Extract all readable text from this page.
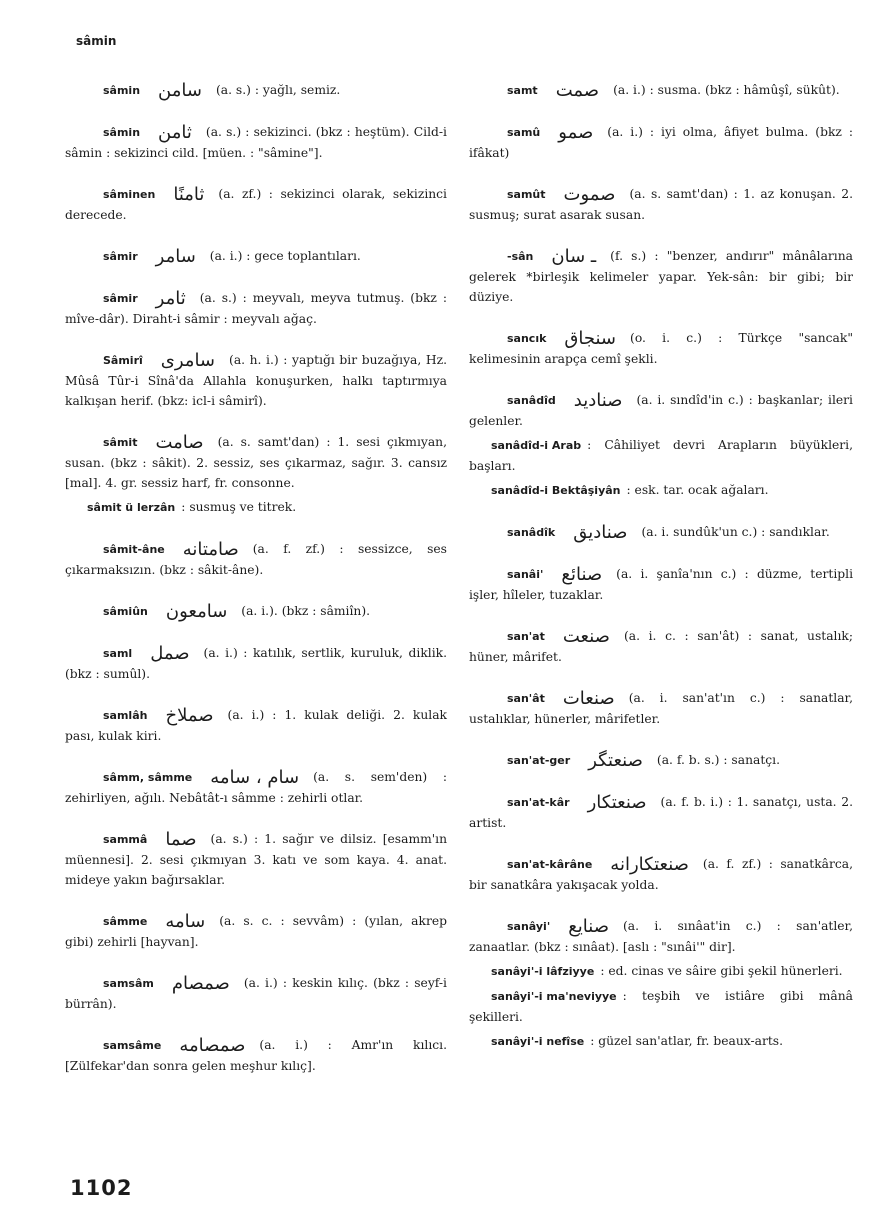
sâmin
sâmin سامن (a. s.) : yağlı, semiz.
sâmin ثامن (a. s.) : sekizinci. (bkz : heştüm). Cild-i sâmin : sekizinci cild. [müen. : "sâmine"].
sâminen ثامنًا (a. zf.) : sekizinci olarak, sekizinci derecede.
sâmir سامر (a. i.) : gece toplantıları.
sâmir ثامر (a. s.) : meyvalı, meyva tutmuş. (bkz : mîve-dâr). Diraht-i sâmir : meyvalı ağaç.
Sâmirî سامری (a. h. i.) : yaptığı bir buzağıya, Hz. Mûsâ Tûr-i Sînâ'da Allahla konuşurken, halkı taptırmıya kalkışan herif. (bkz: icl-i sâmirî).
sâmit صامت (a. s. samt'dan) : 1. sesi çıkmıyan, susan. (bkz : sâkit). 2. sessiz, ses çıkarmaz, sağır. 3. cansız [mal]. 4. gr. sessiz harf, fr. consonne.
sâmit ü lerzân : susmuş ve titrek.
sâmit-âne صامتانه (a. f. zf.) : sessizce, ses çıkarmaksızın. (bkz : sâkit-âne).
sâmiûn سامعون (a. i.). (bkz : sâmiîn).
saml صمل (a. i.) : katılık, sertlik, kuruluk, diklik. (bkz : sumûl).
samlâh صملاخ (a. i.) : 1. kulak deliği. 2. kulak pası, kulak kiri.
sâmm, sâmme سام ، سامه (a. s. sem'den) : zehirliyen, ağılı. Nebâtât-ı sâmme : zehirli otlar.
sammâ صما (a. s.) : 1. sağır ve dilsiz. [esamm'ın müennesi]. 2. sesi çıkmıyan 3. katı ve som kaya. 4. anat. mideye yakın bağırsaklar.
sâmme سامه (a. s. c. : sevvâm) : (yılan, akrep gibi) zehirli [hayvan].
samsâm صمصام (a. i.) : keskin kılıç. (bkz : seyf-i bürrân).
samsâme صمصامه (a. i.) : Amr'ın kılıcı. [Zülfekar'dan sonra gelen meşhur kılıç].
samt صمت (a. i.) : susma. (bkz : hâmûşî, sükût).
samû صمو (a. i.) : iyi olma, âfiyet bulma. (bkz : ifâkat)
samût صموت (a. s. samt'dan) : 1. az konuşan. 2. susmuş; surat asarak susan.
-sân ـ سان (f. s.) : "benzer, andırır" mânâlarına gelerek *birleşik kelimeler yapar. Yek-sân: bir gibi; bir düziye.
sancık سنجاق (o. i. c.) : Türkçe "sancak" kelimesinin arapça cemî şekli.
sanâdîd صناديد (a. i. sındîd'in c.) : başkanlar; ileri gelenler.
sanâdîd-i Arab : Câhiliyet devri Arapların büyükleri, başları.
sanâdîd-i Bektâşiyân : esk. tar. ocak ağaları.
sanâdîk صناديق (a. i. sundûk'un c.) : sandıklar.
sanâi' صنائع (a. i. şanîa'nın c.) : düzme, tertipli işler, hîleler, tuzaklar.
san'at صنعت (a. i. c. : san'ât) : sanat, ustalık; hüner, mârifet.
san'ât صنعات (a. i. san'at'ın c.) : sanatlar, ustalıklar, hünerler, mârifetler.
san'at-ger صنعتگر (a. f. b. s.) : sanatçı.
san'at-kâr صنعتكار (a. f. b. i.) : 1. sanatçı, usta. 2. artist.
san'at-kârâne صنعتكارانه (a. f. zf.) : sanatkârca, bir sanatkâra yakışacak yolda.
sanâyi' صنايع (a. i. sınâat'in c.) : san'atler, zanaatlar. (bkz : sınâat). [aslı : "sınâi'" dir].
sanâyi'-i lâfziyye : ed. cinas ve sâire gibi şekil hünerleri.
sanâyi'-i ma'neviyye : teşbih ve istiâre gibi mânâ şekilleri.
sanâyi'-i nefîse : güzel san'atlar, fr. beaux-arts.
1102
